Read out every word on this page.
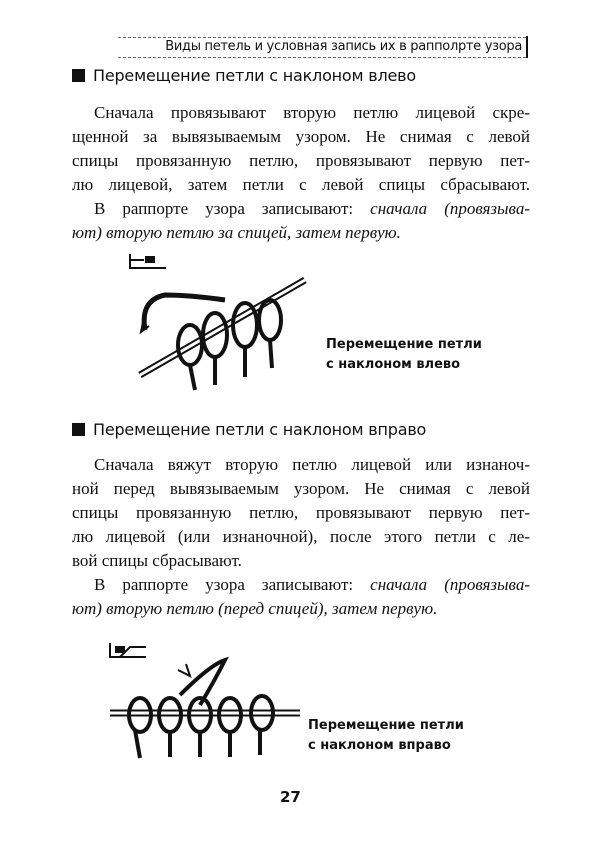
Виды петель и условная запись их в рапполрте узора
Перемещение петли с наклоном влево
Сначала провязывают вторую петлю лицевой скре-
щенной за вывязываемым узором. Не снимая с левой
спицы провязанную петлю, провязывают первую пет-
лю лицевой, затем петли с левой спицы сбрасывают.
В раппорте узора записывают: сначала (провязыва-
ют) вторую петлю за спицей, затем первую.
Перемещение петли
с наклоном влево
Перемещение петли с наклоном вправо
Сначала вяжут вторую петлю лицевой или изнаноч-
ной перед вывязываемым узором. Не снимая с левой
спицы провязанную петлю, провязывают первую пет-
лю лицевой (или изнаночной), после этого петли с ле-
вой спицы сбрасывают.
В раппорте узора записывают: сначала (провязыва-
ют) вторую петлю (перед спицей), затем первую.
Перемещение петли
с наклоном вправо
27
